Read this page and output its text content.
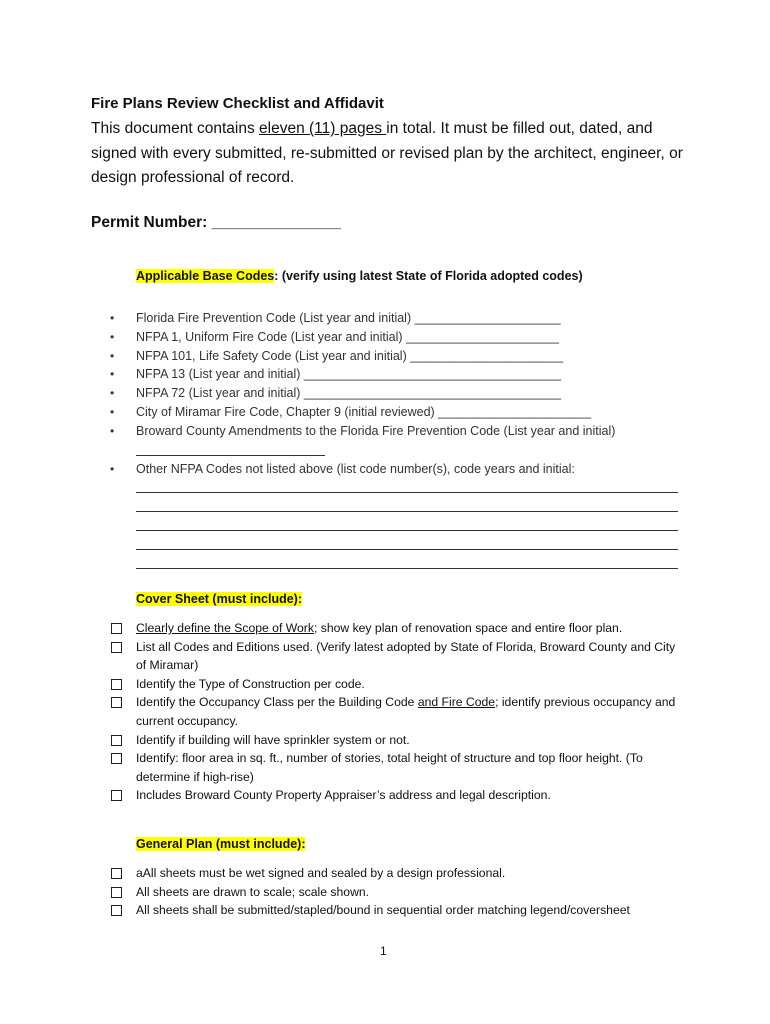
Fire Plans Review Checklist and Affidavit
This document contains eleven (11) pages in total. It must be filled out, dated, and signed with every submitted, re-submitted or revised plan by the architect, engineer, or design professional of record.
Permit Number: _______________
Applicable Base Codes: (verify using latest State of Florida adopted codes)
• Florida Fire Prevention Code (List year and initial) _____________________
• NFPA 1, Uniform Fire Code (List year and initial) ______________________
• NFPA 101, Life Safety Code (List year and initial) ______________________
• NFPA 13 (List year and initial) _____________________________________
• NFPA 72 (List year and initial) _____________________________________
• City of Miramar Fire Code, Chapter 9 (initial reviewed) ______________________
• Broward County Amendments to the Florida Fire Prevention Code (List year and initial)
• Other NFPA Codes not listed above (list code number(s), code years and initial:
Cover Sheet (must include):
Clearly define the Scope of Work; show key plan of renovation space and entire floor plan.
List all Codes and Editions used. (Verify latest adopted by State of Florida, Broward County and City of Miramar)
Identify the Type of Construction per code.
Identify the Occupancy Class per the Building Code and Fire Code; identify previous occupancy and current occupancy.
Identify if building will have sprinkler system or not.
Identify: floor area in sq. ft., number of stories, total height of structure and top floor height. (To determine if high-rise)
Includes Broward County Property Appraiser’s address and legal description.
General Plan (must include):
aAll sheets must be wet signed and sealed by a design professional.
All sheets are drawn to scale; scale shown.
All sheets shall be submitted/stapled/bound in sequential order matching legend/coversheet
1
